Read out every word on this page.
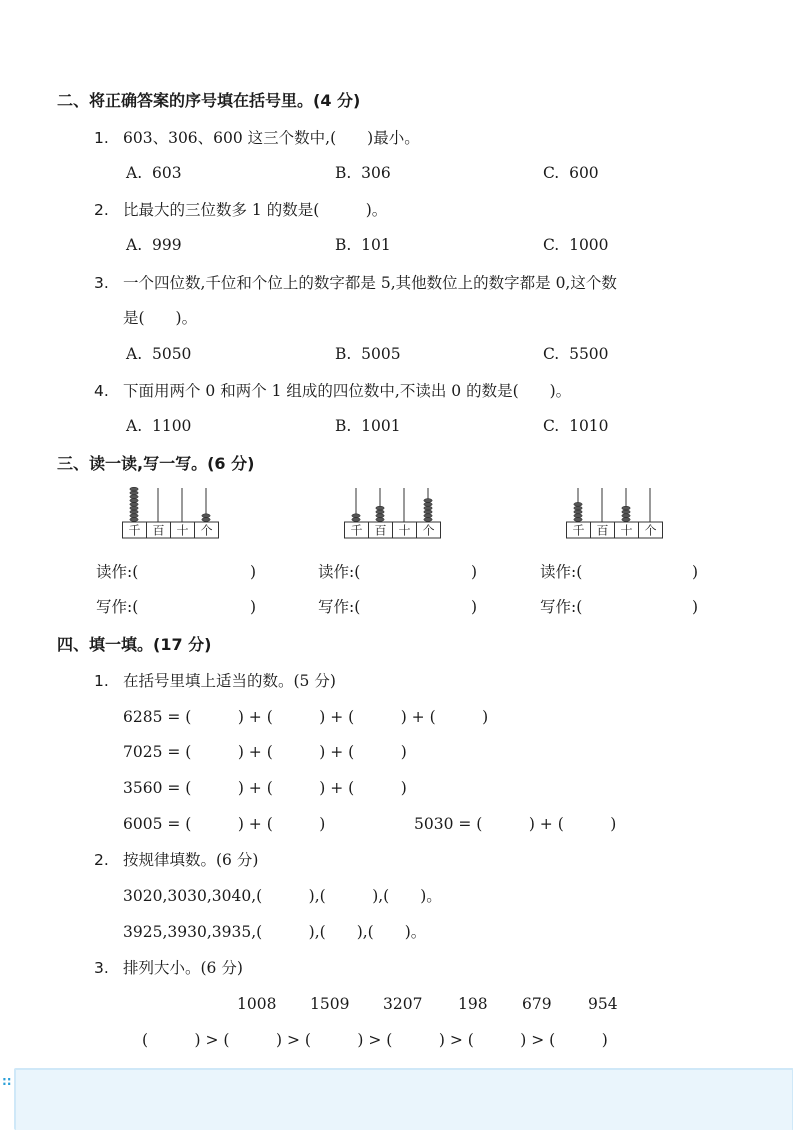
二、将正确答案的序号填在括号里。(4 分)
1. 603、306、600 这三个数中,(　　)最小。
A.  603	B.  306	C.  600
2. 比最大的三位数多 1 的数是(　　　)。
A.  999	B.  101	C.  1000
3. 一个四位数,千位和个位上的数字都是 5,其他数位上的数字都是 0,这个数
是(　　)。
A.  5050	B.  5005	C.  5500
4. 下面用两个 0 和两个 1 组成的四位数中,不读出 0 的数是(　　)。
A.  1100	B.  1001	C.  1010
三、读一读,写一写。(6 分)
千 百 十 个	千 百 十 个	千 百 十 个
读作:(	)	读作:(	)	读作:(	)
写作:(	)	写作:(	)	写作:(	)
四、填一填。(17 分)
1. 在括号里填上适当的数。(5 分)
6285 = (　　　) + (　　　) + (　　　) + (　　　)
7025 = (　　　) + (　　　) + (　　　)
3560 = (　　　) + (　　　) + (　　　)
6005 = (　　　) + (　　　)	5030 = (　　　) + (　　　)
2. 按规律填数。(6 分)
3020,3030,3040,(　　　),(　　　),(　　)。
3925,3930,3935,(　　　),(　　),(　　)。
3. 排列大小。(6 分)
1008 1509 3207 198 679 954
(　　　) > (　　　) > (　　　) > (　　　) > (　　　) > (　　　)
::
